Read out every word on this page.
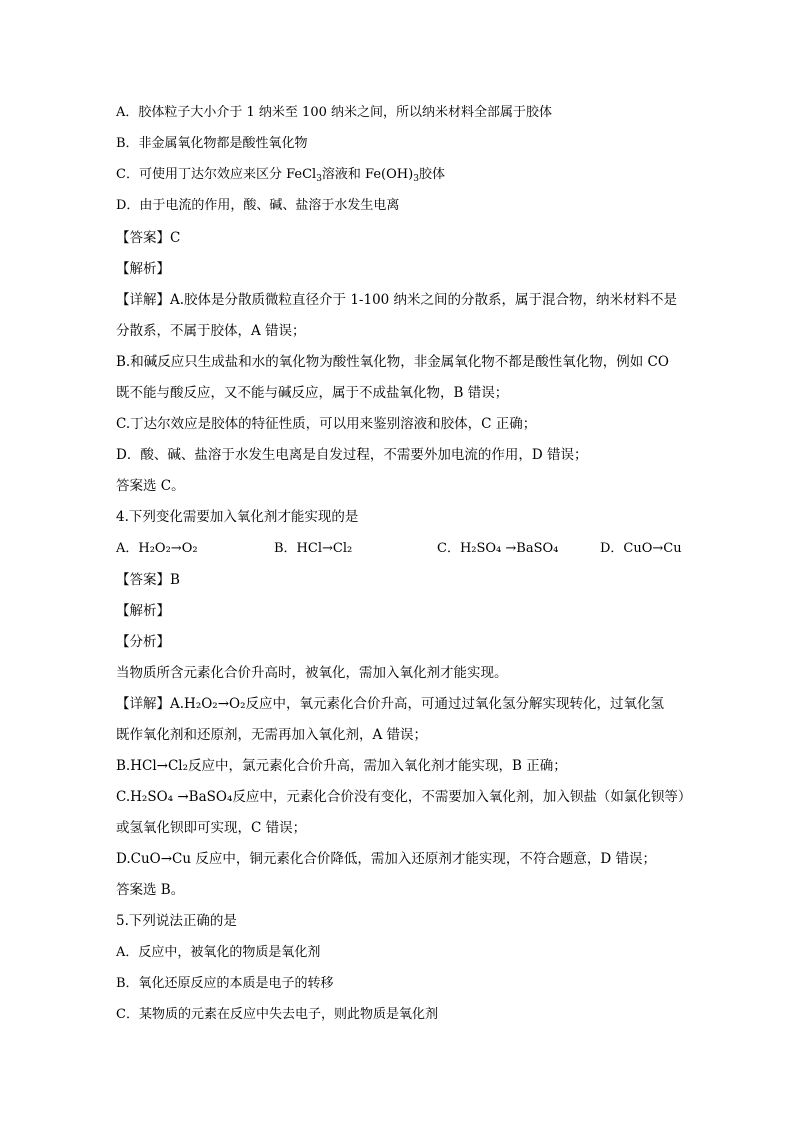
A．胶体粒子大小介于 1 纳米至 100 纳米之间，所以纳米材料全部属于胶体
B．非金属氧化物都是酸性氧化物
C．可使用丁达尔效应来区分 FeCl$_3$溶液和 $Fe(OH)_3$胶体
D．由于电流的作用，酸、碱、盐溶于水发生电离
【答案】C
【解析】
【详解】A.胶体是分散质微粒直径介于 1-100 纳米之间的分散系，属于混合物，纳米材料不是
分散系，不属于胶体，A 错误；
B.和碱反应只生成盐和水的氧化物为酸性氧化物，非金属氧化物不都是酸性氧化物，例如 CO
既不能与酸反应，又不能与碱反应，属于不成盐氧化物，B 错误；
C.丁达尔效应是胶体的特征性质，可以用来鉴别溶液和胶体，C 正确；
D．酸、碱、盐溶于水发生电离是自发过程，不需要外加电流的作用，D 错误；
答案选 C。
4.下列变化需要加入氧化剂才能实现的是
A．H₂O₂→O₂	B．HCl→Cl₂	C．H₂SO₄ →BaSO₄	D．CuO→Cu
【答案】B
【解析】
【分析】
当物质所含元素化合价升高时，被氧化，需加入氧化剂才能实现。
【详解】A.H₂O₂→O₂反应中，氧元素化合价升高，可通过过氧化氢分解实现转化，过氧化氢
既作氧化剂和还原剂，无需再加入氧化剂，A 错误；
B.HCl→Cl₂反应中，氯元素化合价升高，需加入氧化剂才能实现，B 正确；
C.H₂SO₄ →BaSO₄反应中，元素化合价没有变化，不需要加入氧化剂，加入钡盐（如氯化钡等）
或氢氧化钡即可实现，C 错误；
D.CuO→Cu 反应中，铜元素化合价降低，需加入还原剂才能实现，不符合题意，D 错误；
答案选 B。
5.下列说法正确的是
A．反应中，被氧化的物质是氧化剂
B．氧化还原反应的本质是电子的转移
C．某物质的元素在反应中失去电子，则此物质是氧化剂
